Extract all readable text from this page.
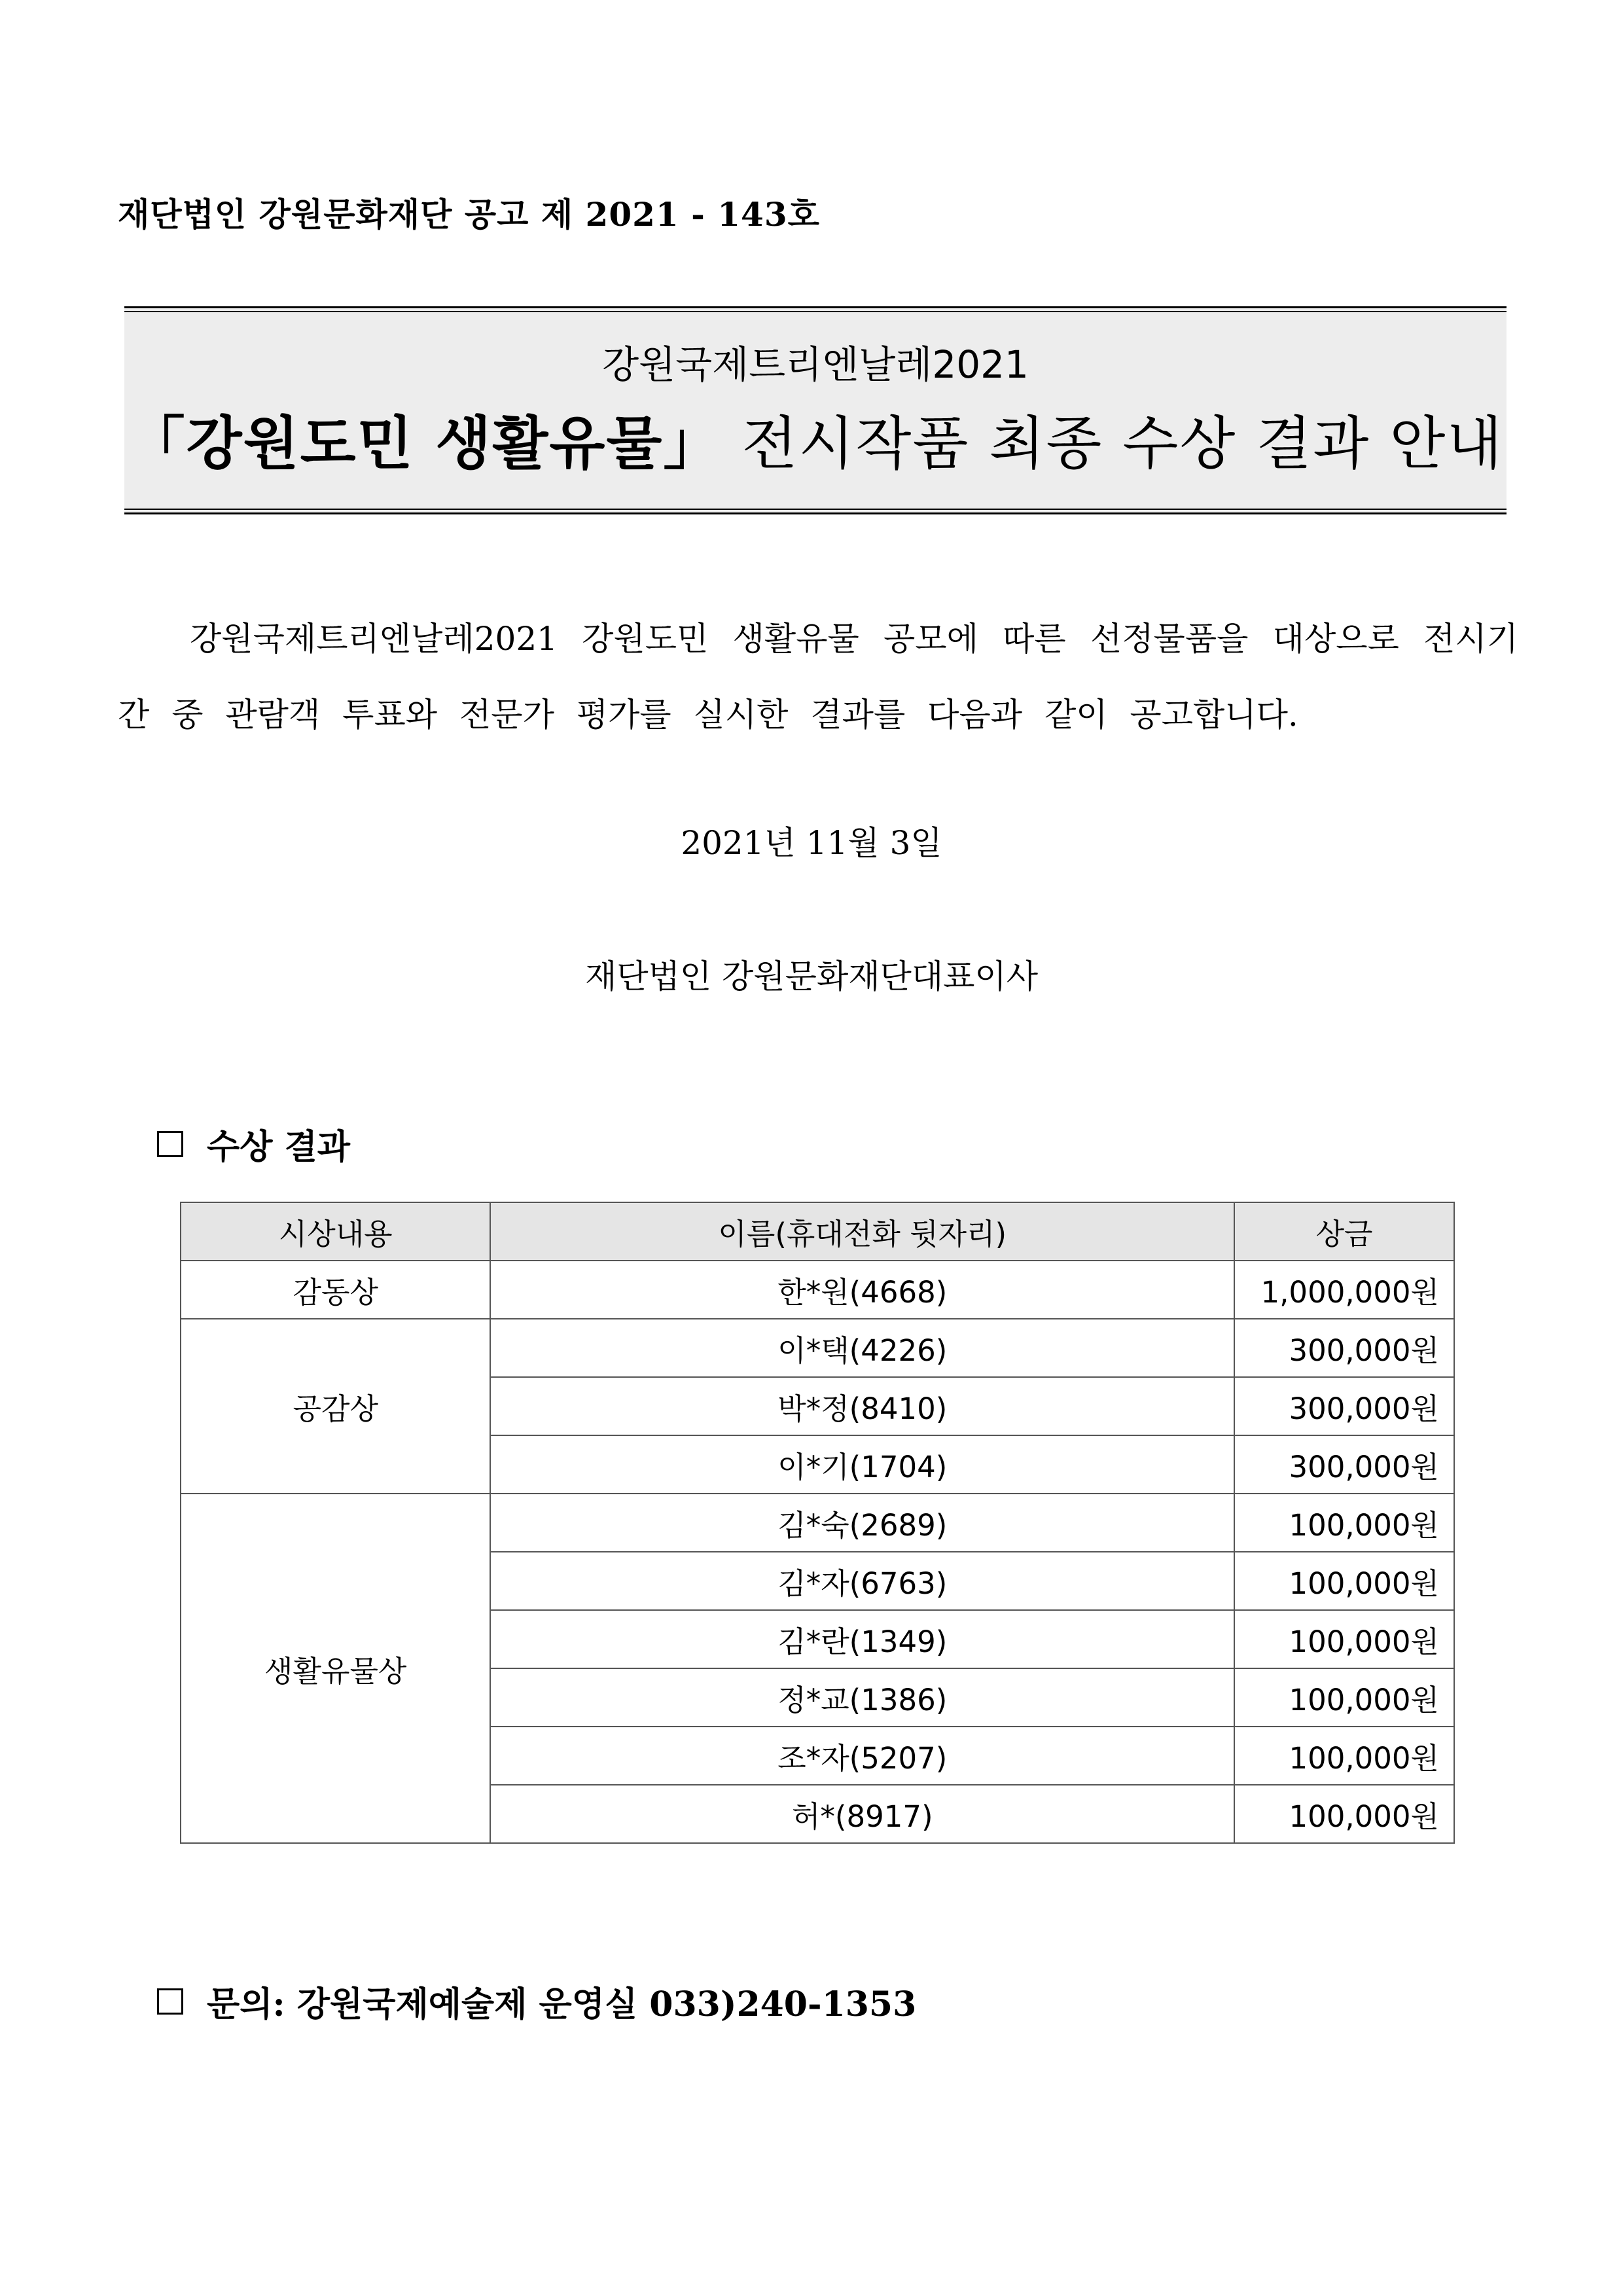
재단법인 강원문화재단 공고 제 2021 - 143호
강원국제트리엔날레2021
「강원도민 생활유물」 전시작품 최종 수상 결과 안내
강원국제트리엔날레2021 강원도민 생활유물 공모에 따른 선정물품을 대상으로 전시기간 중 관람객 투표와 전문가 평가를 실시한 결과를 다음과 같이 공고합니다.
2021년 11월 3일
재단법인 강원문화재단대표이사
수상 결과
시상내용	이름(휴대전화 뒷자리)	상금
감동상	한*원(4668)	1,000,000원
공감상	이*택(4226)	300,000원
	박*정(8410)	300,000원
	이*기(1704)	300,000원
생활유물상	김*숙(2689)	100,000원
	김*자(6763)	100,000원
	김*란(1349)	100,000원
	정*교(1386)	100,000원
	조*자(5207)	100,000원
	허*(8917)	100,000원
문의: 강원국제예술제 운영실 033)240-1353
